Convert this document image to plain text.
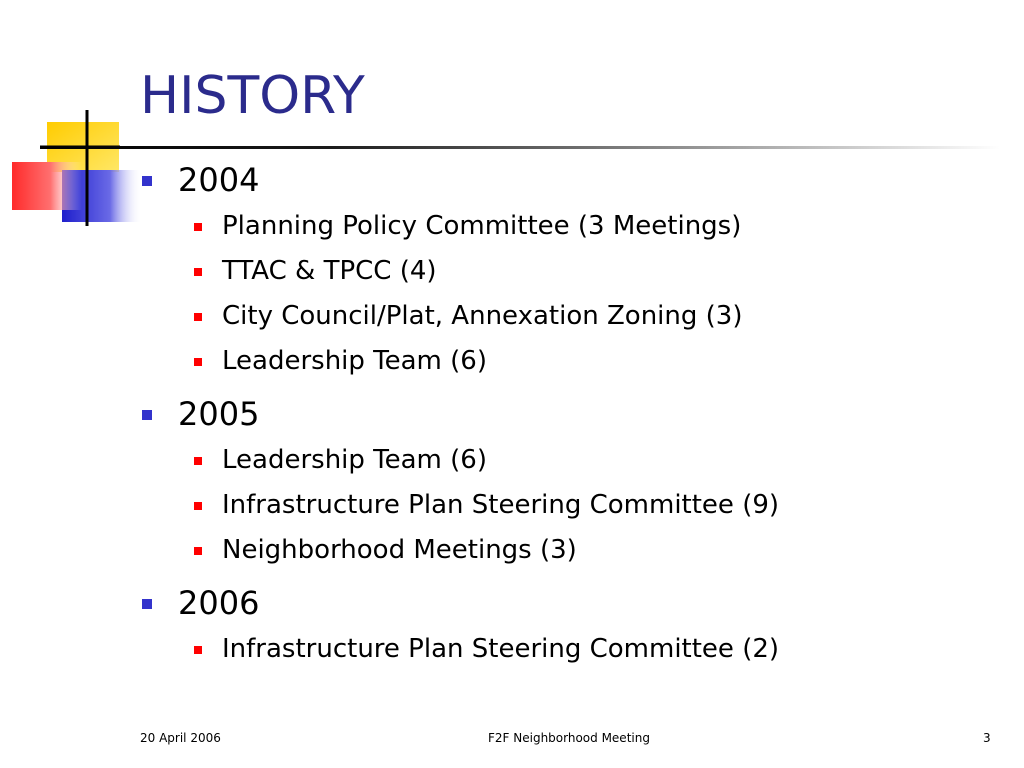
HISTORY
2004
Planning Policy Committee (3 Meetings)
TTAC & TPCC (4)
City Council/Plat, Annexation Zoning (3)
Leadership Team (6)
2005
Leadership Team (6)
Infrastructure Plan Steering Committee (9)
Neighborhood Meetings (3)
2006
Infrastructure Plan Steering Committee (2)
20 April 2006	F2F Neighborhood Meeting	3
